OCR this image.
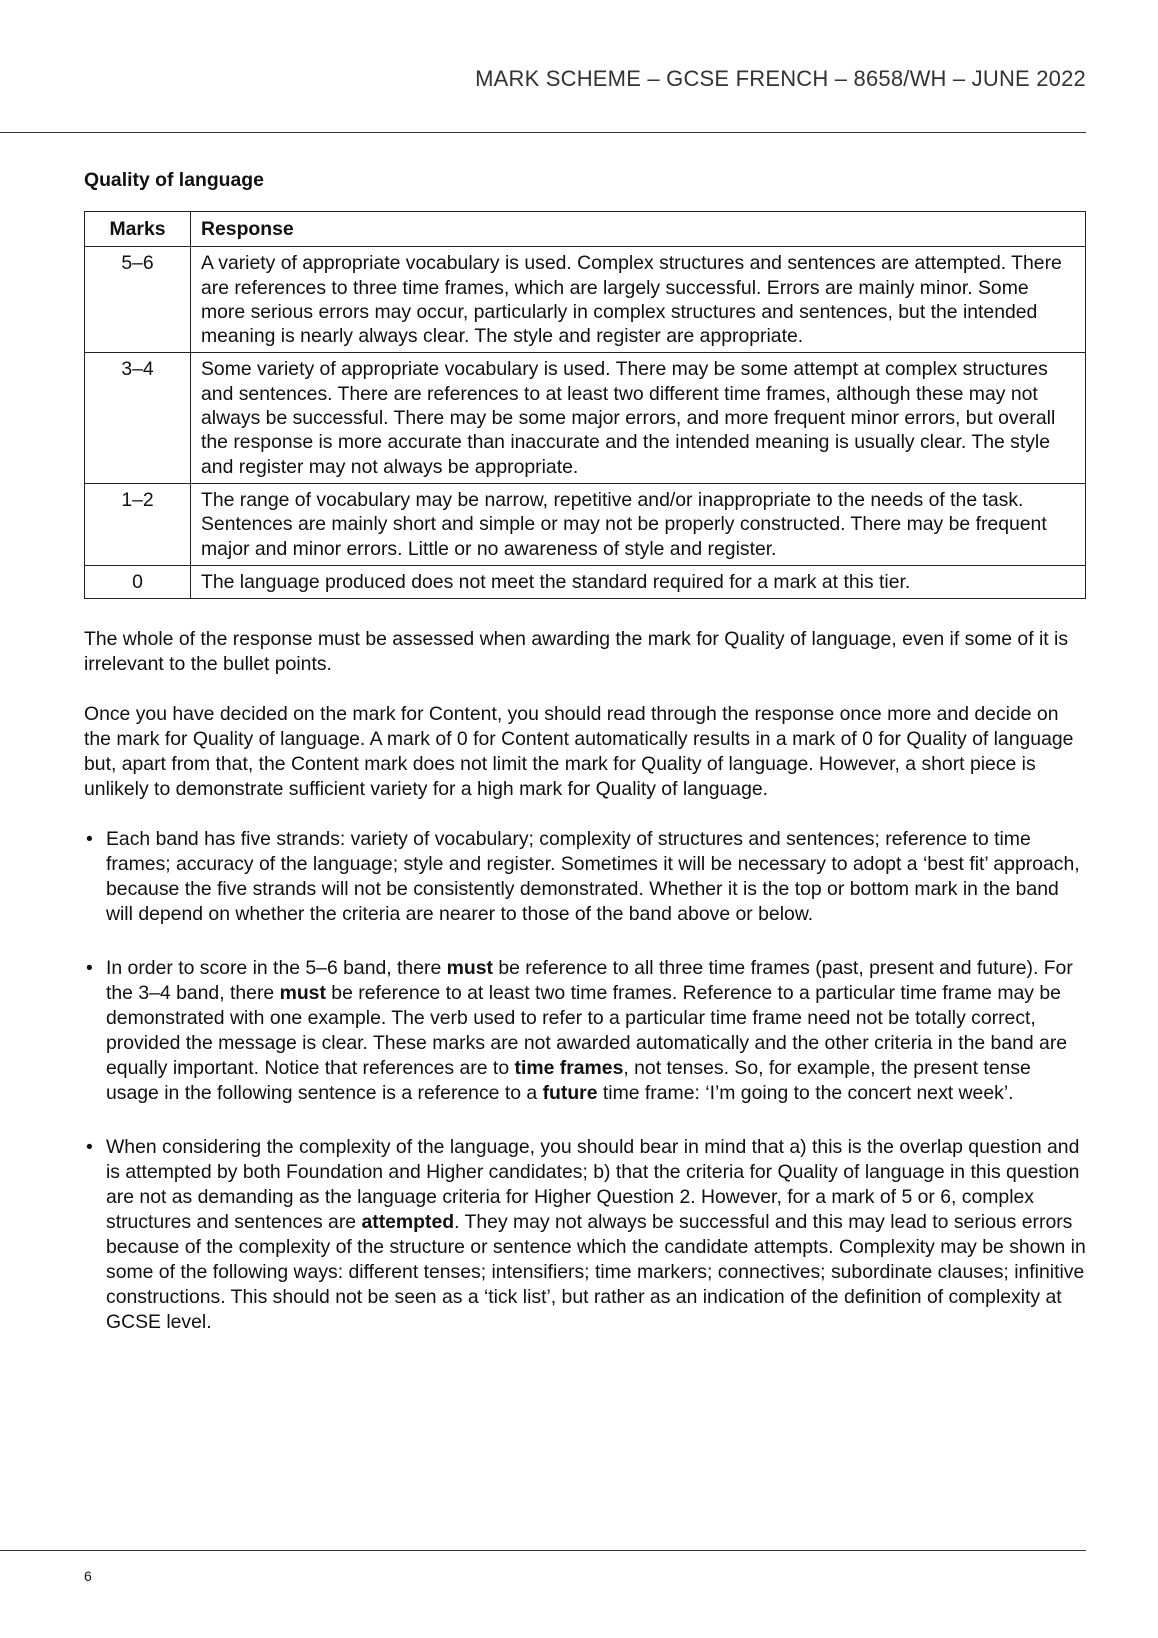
MARK SCHEME – GCSE FRENCH – 8658/WH – JUNE 2022
Quality of language
Marks	Response
5–6	A variety of appropriate vocabulary is used. Complex structures and sentences are attempted. There are references to three time frames, which are largely successful. Errors are mainly minor. Some more serious errors may occur, particularly in complex structures and sentences, but the intended meaning is nearly always clear. The style and register are appropriate.
3–4	Some variety of appropriate vocabulary is used. There may be some attempt at complex structures and sentences. There are references to at least two different time frames, although these may not always be successful. There may be some major errors, and more frequent minor errors, but overall the response is more accurate than inaccurate and the intended meaning is usually clear. The style and register may not always be appropriate.
1–2	The range of vocabulary may be narrow, repetitive and/or inappropriate to the needs of the task. Sentences are mainly short and simple or may not be properly constructed. There may be frequent major and minor errors. Little or no awareness of style and register.
0	The language produced does not meet the standard required for a mark at this tier.

The whole of the response must be assessed when awarding the mark for Quality of language, even if some of it is irrelevant to the bullet points.

Once you have decided on the mark for Content, you should read through the response once more and decide on the mark for Quality of language. A mark of 0 for Content automatically results in a mark of 0 for Quality of language but, apart from that, the Content mark does not limit the mark for Quality of language. However, a short piece is unlikely to demonstrate sufficient variety for a high mark for Quality of language.

• Each band has five strands: variety of vocabulary; complexity of structures and sentences; reference to time frames; accuracy of the language; style and register. Sometimes it will be necessary to adopt a ‘best fit’ approach, because the five strands will not be consistently demonstrated. Whether it is the top or bottom mark in the band will depend on whether the criteria are nearer to those of the band above or below.
• In order to score in the 5–6 band, there must be reference to all three time frames (past, present and future). For the 3–4 band, there must be reference to at least two time frames. Reference to a particular time frame may be demonstrated with one example. The verb used to refer to a particular time frame need not be totally correct, provided the message is clear. These marks are not awarded automatically and the other criteria in the band are equally important. Notice that references are to time frames, not tenses. So, for example, the present tense usage in the following sentence is a reference to a future time frame: ‘I’m going to the concert next week’.
• When considering the complexity of the language, you should bear in mind that a) this is the overlap question and is attempted by both Foundation and Higher candidates; b) that the criteria for Quality of language in this question are not as demanding as the language criteria for Higher Question 2. However, for a mark of 5 or 6, complex structures and sentences are attempted. They may not always be successful and this may lead to serious errors because of the complexity of the structure or sentence which the candidate attempts. Complexity may be shown in some of the following ways: different tenses; intensifiers; time markers; connectives; subordinate clauses; infinitive constructions. This should not be seen as a ‘tick list’, but rather as an indication of the definition of complexity at GCSE level.
6
